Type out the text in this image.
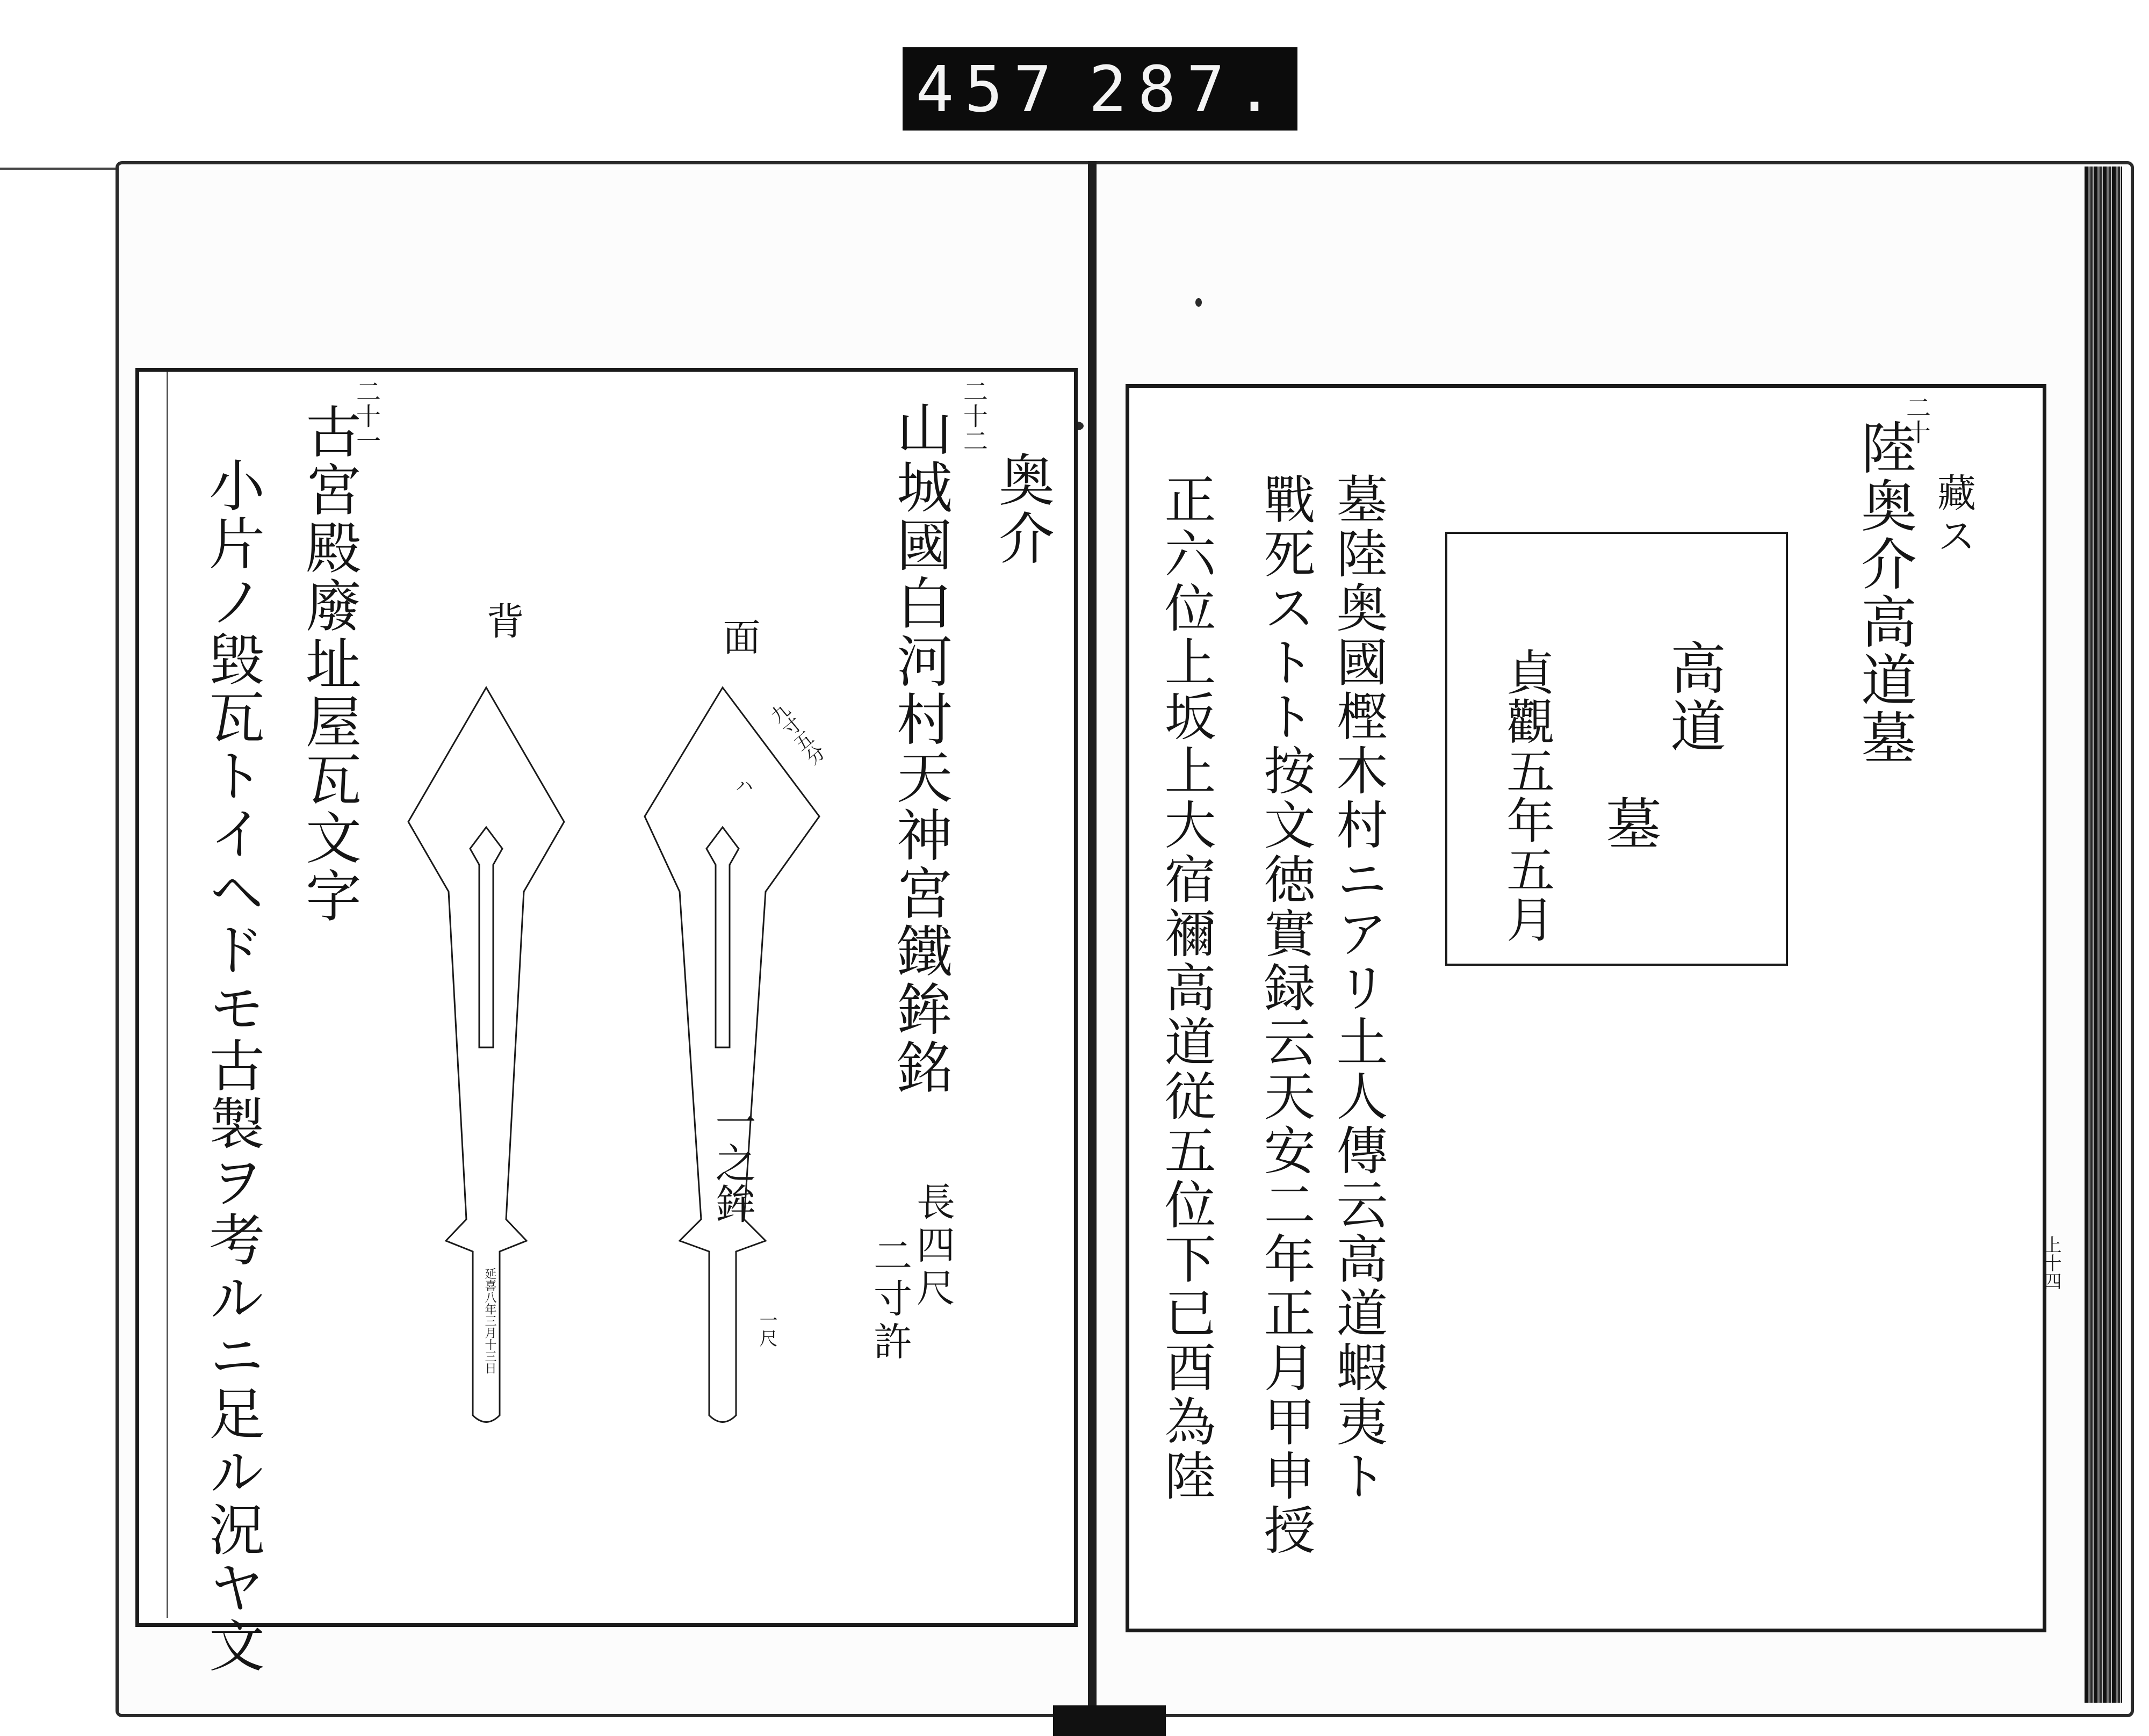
457 287.
二十一
古宮殿廢址屋瓦文字
小片ノ毀瓦トイヘドモ古製ヲ考ルニ足ル況ヤ文
二十二
山城國白河村天神宮鐵鉾銘
長四尺
二寸許
奥介
背	面
ハ
九寸五分
一之鉾
延喜八年三月十三日	一尺
二十
陸奥介高道墓 藏ス
高道
墓
貞觀五年五月
墓陸奥國樫木村ニアリ土人傳云高道蝦夷ト
戰死ストト按文徳實録云天安二年正月甲申授
正六位上坂上大宿禰高道従五位下已酉為陸	上十四
